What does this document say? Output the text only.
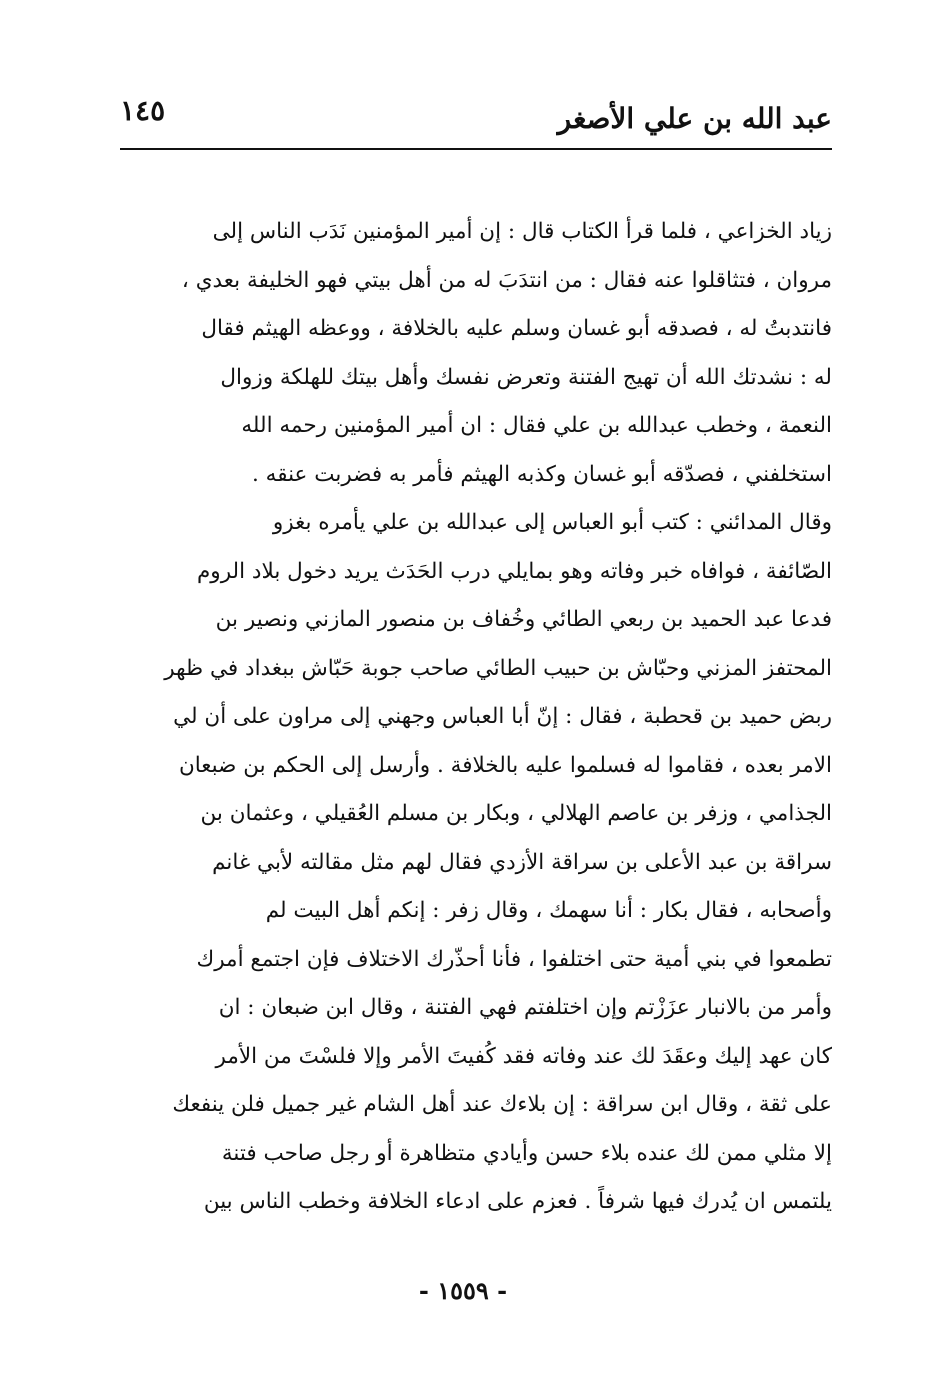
عبد الله بن علي الأصغر
١٤٥
زياد الخزاعي ، فلما قرأ الكتاب قال : إن أمير المؤمنين نَدَب الناس إلى
مروان ، فتثاقلوا عنه فقال : من انتدَبَ له من أهل بيتي فهو الخليفة بعدي ،
فانتدبتُ له ، فصدقه أبو غسان وسلم عليه بالخلافة ، ووعظه الهيثم فقال
له : نشدتك الله أن تهيج الفتنة وتعرض نفسك وأهل بيتك للهلكة وزوال
النعمة ، وخطب عبدالله بن علي فقال : ان أمير المؤمنين رحمه الله
استخلفني ، فصدّقه أبو غسان وكذبه الهيثم فأمر به فضربت عنقه .
وقال المدائني : كتب أبو العباس إلى عبدالله بن علي يأمره بغزو
الصّائفة ، فوافاه خبر وفاته وهو بمايلي درب الحَدَث يريد دخول بلاد الروم
فدعا عبد الحميد بن ربعي الطائي وخُفاف بن منصور المازني ونصير بن
المحتفز المزني وحبّاش بن حبيب الطائي صاحب جوبة حَبّاش ببغداد في ظهر
ربض حميد بن قحطبة ، فقال : إنّ أبا العباس وجهني إلى مراون على أن لي
الامر بعده ، فقاموا له فسلموا عليه بالخلافة . وأرسل إلى الحكم بن ضبعان
الجذامي ، وزفر بن عاصم الهلالي ، وبكار بن مسلم العُقيلي ، وعثمان بن
سراقة بن عبد الأعلى بن سراقة الأزدي فقال لهم مثل مقالته لأبي غانم
وأصحابه ، فقال بكار : أنا سهمك ، وقال زفر : إنكم أهل البيت لم
تطمعوا في بني أمية حتى اختلفوا ، فأنا أحذّرك الاختلاف فإن اجتمع أمرك
وأمر من بالانبار عزَزْتم وإن اختلفتم فهي الفتنة ، وقال ابن ضبعان : ان
كان عهد إليك وعقَدَ لك عند وفاته فقد كُفيتَ الأمر وإلا فلسْتَ من الأمر
على ثقة ، وقال ابن سراقة : إن بلاءك عند أهل الشام غير جميل فلن ينفعك
إلا مثلي ممن لك عنده بلاء حسن وأيادي متظاهرة أو رجل صاحب فتنة
يلتمس ان يُدرك فيها شرفاً . فعزم على ادعاء الخلافة وخطب الناس بين
- ١٥٥٩ -
